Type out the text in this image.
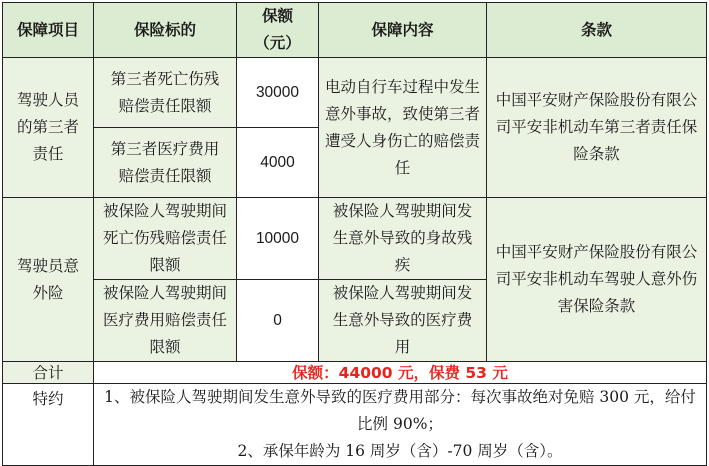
保障项目	保险标的	保额（元）	保障内容	条款
驾驶人员的第三者责任	第三者死亡伤残赔偿责任限额	30000	电动自行车过程中发生意外事故，致使第三者遭受人身伤亡的赔偿责任	中国平安财产保险股份有限公司平安非机动车第三者责任保险条款
	第三者医疗费用赔偿责任限额	4000		
驾驶员意外险	被保险人驾驶期间死亡伤残赔偿责任限额	10000	被保险人驾驶期间发生意外导致的身故残疾	中国平安财产保险股份有限公司平安非机动车驾驶人意外伤害保险条款
	被保险人驾驶期间医疗费用赔偿责任限额	0	被保险人驾驶期间发生意外导致的医疗费用	
合计	保额：44000 元，保费 53 元			
特约	1、被保险人驾驶期间发生意外导致的医疗费用部分：每次事故绝对免赔 300 元，给付比例 90%；
2、承保年龄为 16 周岁（含）-70 周岁（含）。			
